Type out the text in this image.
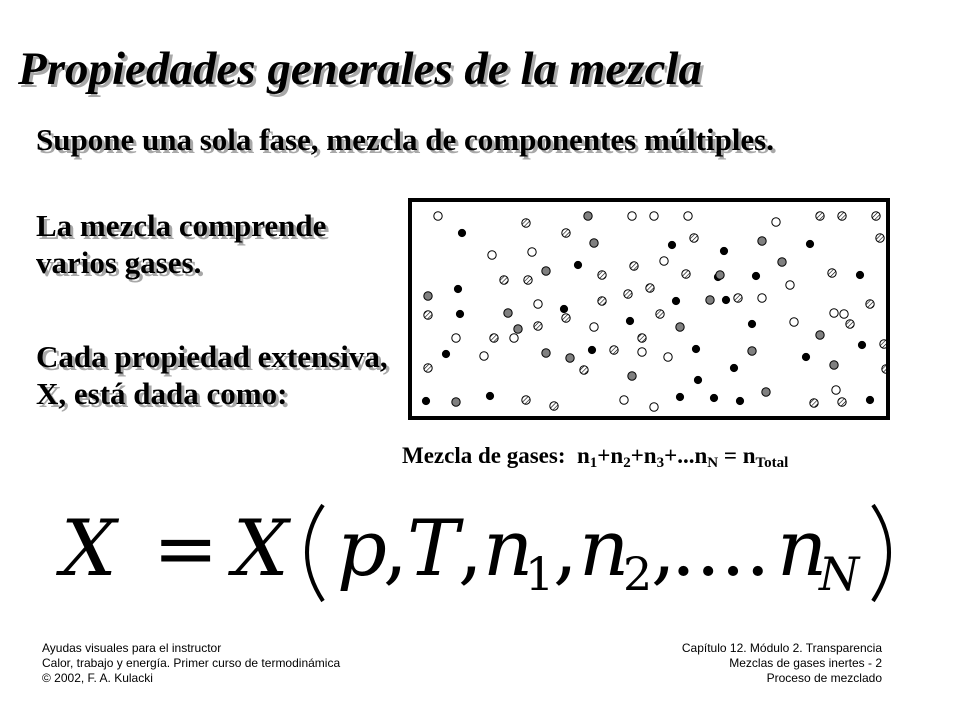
Propiedades generales de la mezcla
Supone una sola fase, mezcla de componentes múltiples.
La mezcla comprende varios gases.
Cada propiedad extensiva, X, está dada como:
Mezcla de gases: $n_1+n_2+n_3+...n_N = n_{Total}$
X = X p
, T
, n
1
, n
2
,
.... n
N
Ayudas visuales para el instructor
Calor, trabajo y energía. Primer curso de termodinámica
© 2002, F. A. Kulacki
Capítulo 12. Módulo 2. Transparencia
Mezclas de gases inertes - 2
Proceso de mezclado
